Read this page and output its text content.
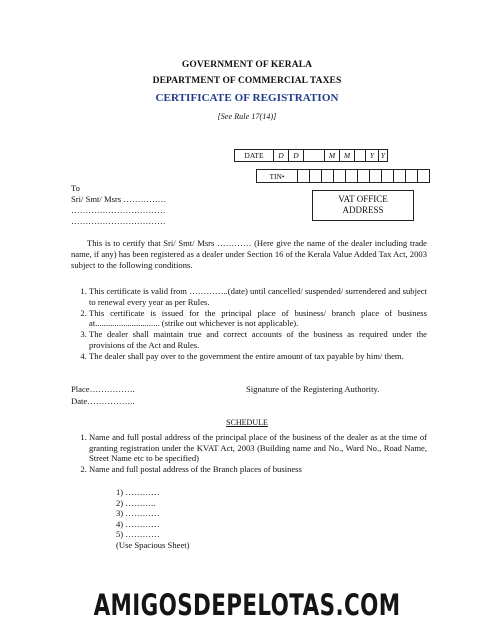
GOVERNMENT OF KERALA
DEPARTMENT OF COMMERCIAL TAXES
CERTIFICATE OF REGISTRATION
[See Rule 17(14)]
DATE	D	D	M	M	Y Y
TIN•
To
Sri/ Smt/ Msrs ……………
……………………………
……………………………
VAT OFFICE
ADDRESS
This is to certify that Sri/ Smt/ Msrs ………… (Here give the name of the dealer including trade name, if any) has been registered as a dealer under Section 16 of the Kerala Value Added Tax Act, 2003 subject to the following conditions.
1. This certificate is valid from …………..(date) until cancelled/ suspended/ surrendered and subject to renewal every year as per Rules.
2. This certificate is issued for the principal place of business/ branch place of business at.............................. (strike out whichever is not applicable).
3. The dealer shall maintain true and correct accounts of the business as required under the provisions of the Act and Rules.
4. The dealer shall pay over to the government the entire amount of tax payable by him/ them.
Place…………….
Date……………..
Signature of the Registering Authority.
SCHEDULE
1. Name and full postal address of the principal place of the business of the dealer as at the time of granting registration under the KVAT Act, 2003 (Building name and No., Ward No., Road Name, Street Name etc to be specified)
2. Name and full postal address of the Branch places of business
1) …………
2) ………..
3) …………
4) …………
5) …………
(Use Spacious Sheet)
AMIGOSDEPELOTAS.COM
